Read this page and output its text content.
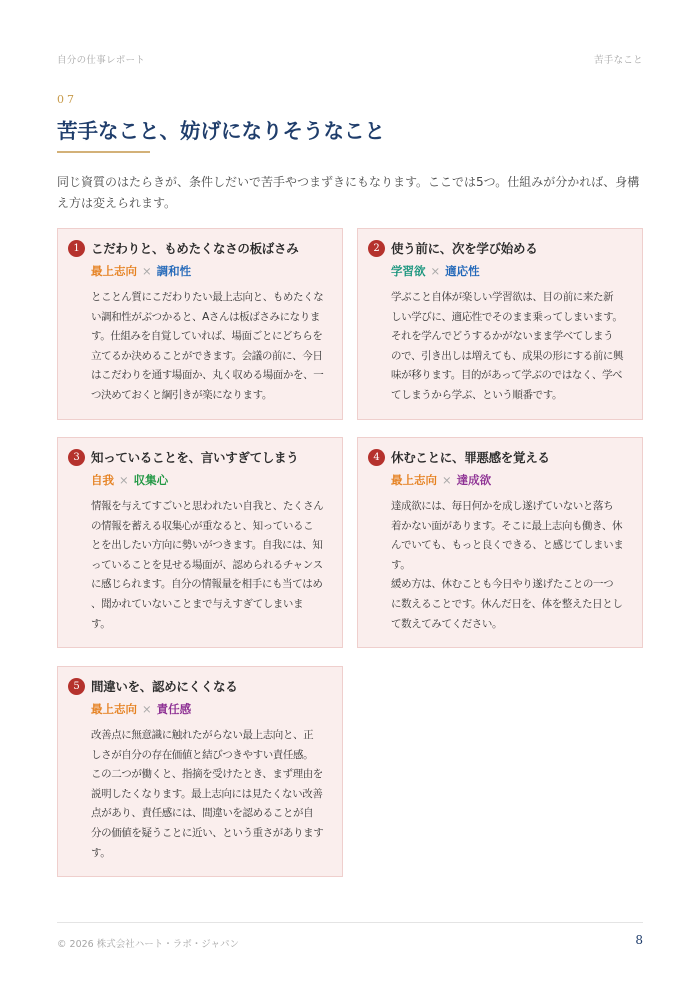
自分の仕事レポート	苦手なこと
07
苦手なこと、妨げになりそうなこと

同じ資質のはたらきが、条件しだいで苦手やつまずきにもなります。ここでは5つ。仕組みが分かれば、身構え方は変えられます。

1 こだわりと、もめたくなさの板ばさみ
最上志向 × 調和性
とことん質にこだわりたい最上志向と、もめたくな
い調和性がぶつかると、Aさんは板ばさみになりま
す。仕組みを自覚していれば、場面ごとにどちらを
立てるか決めることができます。会議の前に、今日
はこだわりを通す場面か、丸く収める場面かを、一
つ決めておくと綱引きが楽になります。
2 使う前に、次を学び始める
学習欲 × 適応性
学ぶこと自体が楽しい学習欲は、目の前に来た新
しい学びに、適応性でそのまま乗ってしまいます。
それを学んでどうするかがないまま学べてしまう
ので、引き出しは増えても、成果の形にする前に興
味が移ります。目的があって学ぶのではなく、学べ
てしまうから学ぶ、という順番です。
3 知っていることを、言いすぎてしまう
自我 × 収集心
情報を与えてすごいと思われたい自我と、たくさん
の情報を蓄える収集心が重なると、知っているこ
とを出したい方向に勢いがつきます。自我には、知
っていることを見せる場面が、認められるチャンス
に感じられます。自分の情報量を相手にも当てはめ
、聞かれていないことまで与えすぎてしまいま
す。
4 休むことに、罪悪感を覚える
最上志向 × 達成欲
達成欲には、毎日何かを成し遂げていないと落ち
着かない面があります。そこに最上志向も働き、休
んでいても、もっと良くできる、と感じてしまいます。
緩め方は、休むことも今日やり遂げたことの一つ
に数えることです。休んだ日を、体を整えた日とし
て数えてみてください。
5 間違いを、認めにくくなる
最上志向 × 責任感
改善点に無意識に触れたがらない最上志向と、正
しさが自分の存在価値と結びつきやすい責任感。
この二つが働くと、指摘を受けたとき、まず理由を
説明したくなります。最上志向には見たくない改善
点があり、責任感には、間違いを認めることが自
分の価値を疑うことに近い、という重さがあります
す。
© 2026 株式会社ハート・ラボ・ジャパン	8
